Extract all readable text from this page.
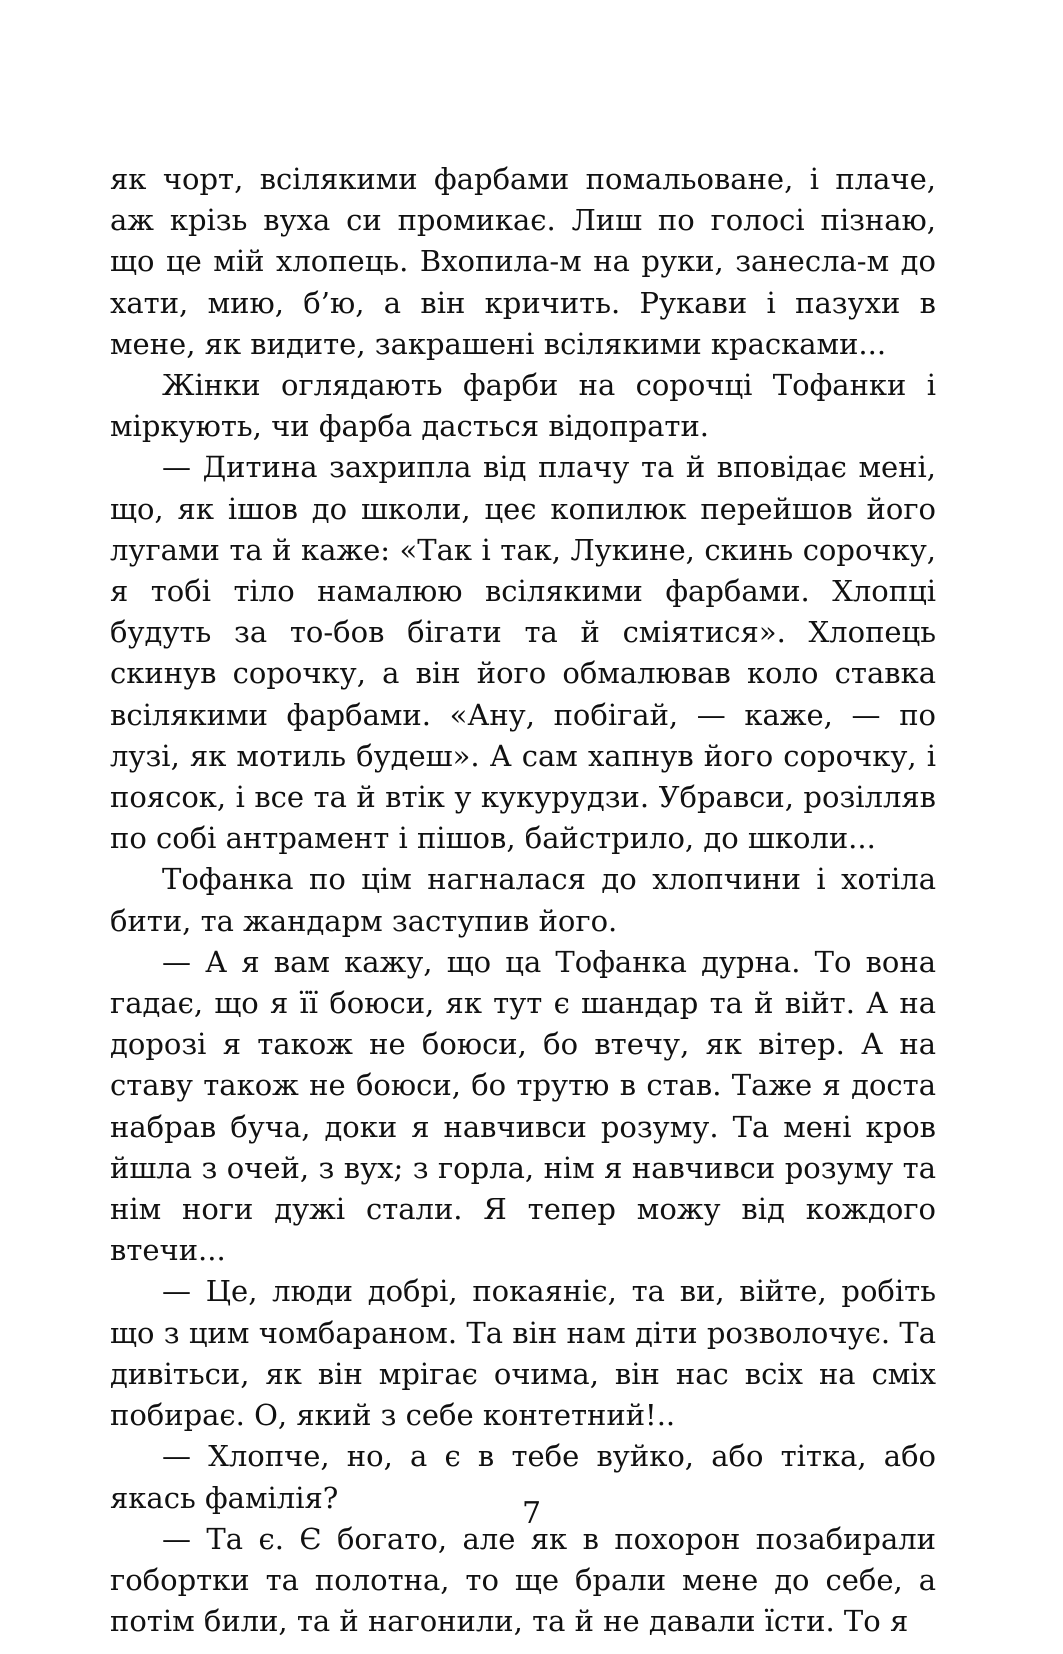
як чорт, всілякими фарбами помальоване, і плаче, аж крізь вуха си промикає. Лиш по голосі пізнаю, що це мій хлопець. Вхопила-м на руки, занесла-м до хати, мию, б’ю, а він кричить. Рукави і пазухи в мене, як видите, закрашені всілякими красками...

Жінки оглядають фарби на сорочці Тофанки і міркують, чи фарба дасться відопрати.

— Дитина захрипла від плачу та й вповідає мені, що, як ішов до школи, цеє копилюк перейшов його лугами та й каже: «Так і так, Лукине, скинь сорочку, я тобі тіло намалюю всілякими фарбами. Хлопці будуть за то-бов бігати та й сміятися». Хлопець скинув сорочку, а він його обмалював коло ставка всілякими фарбами. «Ану, побігай, — каже, — по лузі, як мотиль будеш». А сам хапнув його сорочку, і поясок, і все та й втік у кукурудзи. Убравси, розілляв по собі антрамент і пішов, байстрило, до школи...

Тофанка по цім нагналася до хлопчини і хотіла бити, та жандарм заступив його.

— А я вам кажу, що ца Тофанка дурна. То вона гадає, що я її боюси, як тут є шандар та й війт. А на дорозі я також не боюси, бо втечу, як вітер. А на ставу також не боюси, бо трутю в став. Таже я доста набрав буча, доки я навчивси розуму. Та мені кров йшла з очей, з вух; з горла, нім я навчивси розуму та нім ноги дужі стали. Я тепер можу від кождого втечи...

— Це, люди добрі, покаяніє, та ви, війте, робіть що з цим чомбараном. Та він нам діти розволочує. Та дивітьси, як він мрігає очима, він нас всіх на сміх побирає. О, який з себе контетний!..

— Хлопче, но, а є в тебе вуйко, або тітка, або якась фамілія?

— Та є. Є богато, але як в похорон позабирали гобортки та полотна, то ще брали мене до себе, а потім били, та й нагонили, та й не давали їсти. То я

7
